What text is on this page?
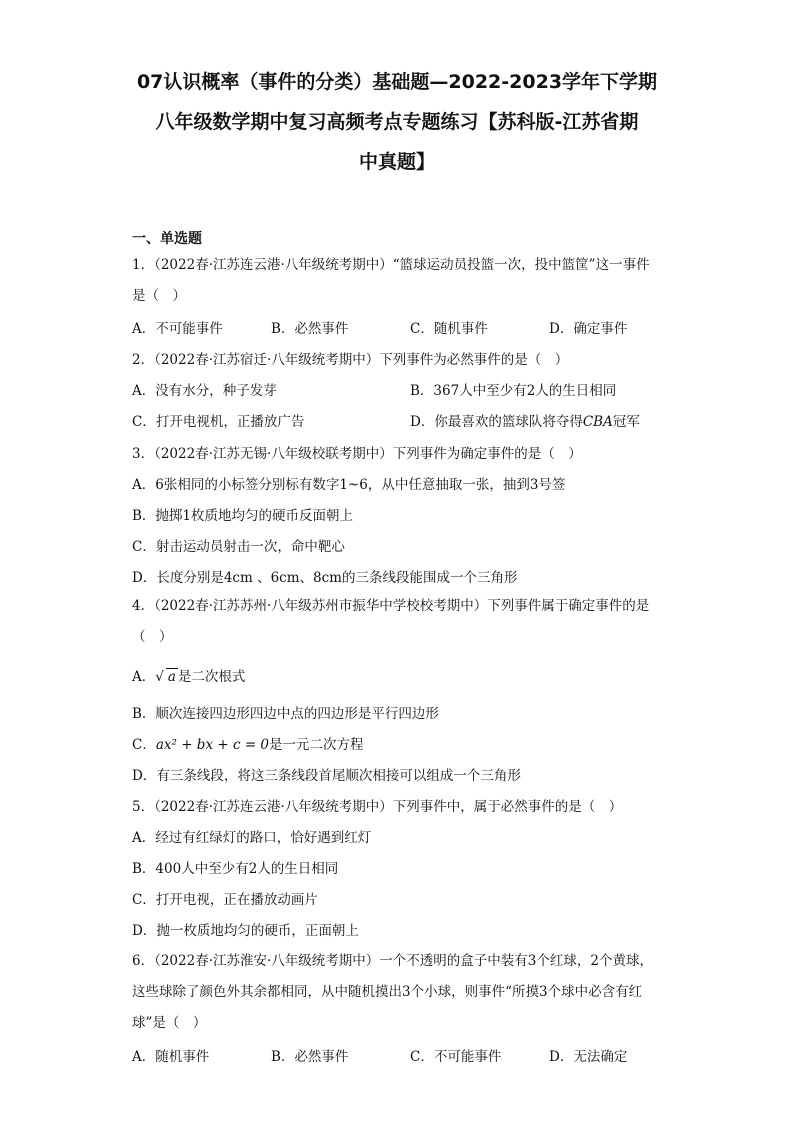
07认识概率（事件的分类）基础题—2022-2023学年下学期
八年级数学期中复习高频考点专题练习【苏科版-江苏省期
中真题】
一、单选题
1．（2022春·江苏连云港·八年级统考期中）“篮球运动员投篮一次，投中篮筐”这一事件是（　）
A．不可能事件	B．必然事件	C．随机事件	D．确定事件
2．（2022春·江苏宿迁·八年级统考期中）下列事件为必然事件的是（　）
A．没有水分，种子发芽	B．367人中至少有2人的生日相同
C．打开电视机，正播放广告	D．你最喜欢的篮球队将夺得CBA冠军
3．（2022春·江苏无锡·八年级校联考期中）下列事件为确定事件的是（　）
A．6张相同的小标签分别标有数字1~6，从中任意抽取一张，抽到3号签
B．抛掷1枚质地均匀的硬币反面朝上
C．射击运动员射击一次，命中靶心
D．长度分别是4cm 、6cm、8cm的三条线段能围成一个三角形
4．（2022春·江苏苏州·八年级苏州市振华中学校校考期中）下列事件属于确定事件的是（　）
A．√ a 是二次根式
B．顺次连接四边形四边中点的四边形是平行四边形
C．ax² + bx + c = 0是一元二次方程
D．有三条线段，将这三条线段首尾顺次相接可以组成一个三角形
5．（2022春·江苏连云港·八年级统考期中）下列事件中，属于必然事件的是（　）
A．经过有红绿灯的路口，恰好遇到红灯
B．400人中至少有2人的生日相同
C．打开电视，正在播放动画片
D．抛一枚质地均匀的硬币，正面朝上
6．（2022春·江苏淮安·八年级统考期中）一个不透明的盒子中装有3个红球，2个黄球，这些球除了颜色外其余都相同，从中随机摸出3个小球，则事件“所摸3个球中必含有红球”是（　）
A．随机事件	B．必然事件	C．不可能事件	D．无法确定
